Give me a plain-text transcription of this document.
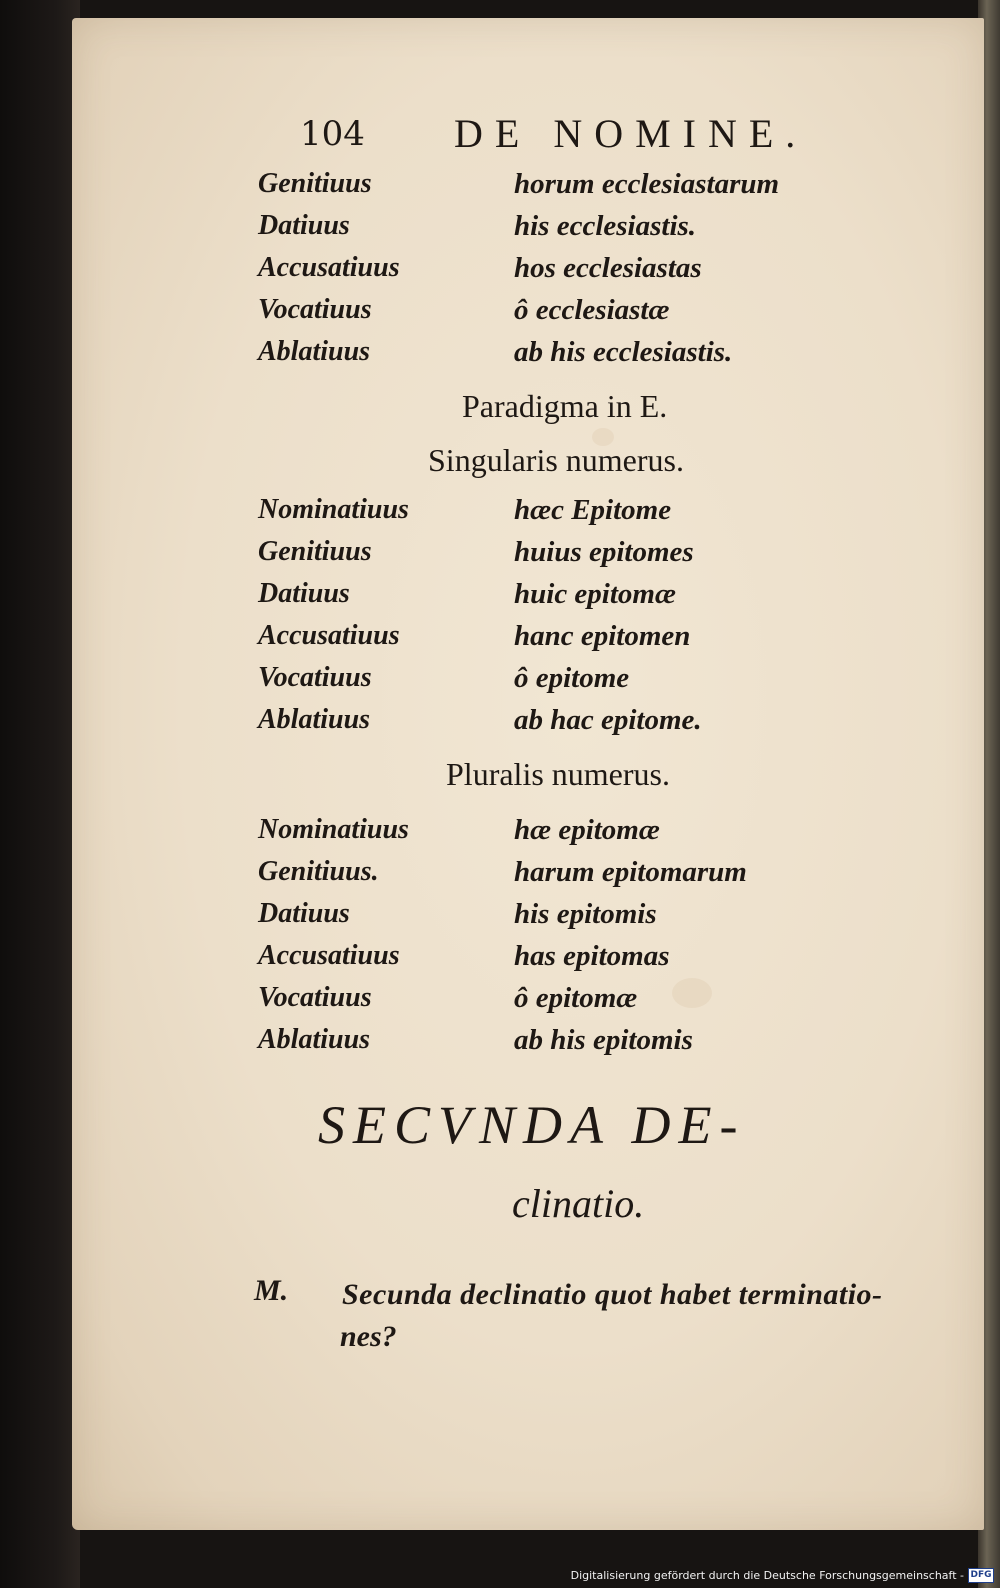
104 DE NOMINE.
Genitiuus	horum ecclesiastarum
Datiuus	his ecclesiastis.
Accusatiuus	hos ecclesiastas
Vocatiuus	ô ecclesiastæ
Ablatiuus	ab his ecclesiastis.
Paradigma in E.
Singularis numerus.
Nominatiuus	hæc Epitome
Genitiuus	huius epitomes
Datiuus	huic epitomæ
Accusatiuus	hanc epitomen
Vocatiuus	ô epitome
Ablatiuus	ab hac epitome.
Pluralis numerus.
Nominatiuus	hæ epitomæ
Genitiuus.	harum epitomarum
Datiuus	his epitomis
Accusatiuus	has epitomas
Vocatiuus	ô epitomæ
Ablatiuus	ab his epitomis
SECVNDA DE-
clinatio.
M. Secunda declinatio quot habet terminatio-
nes?
Digitalisierung gefördert durch die Deutsche Forschungsgemeinschaft - DFG
